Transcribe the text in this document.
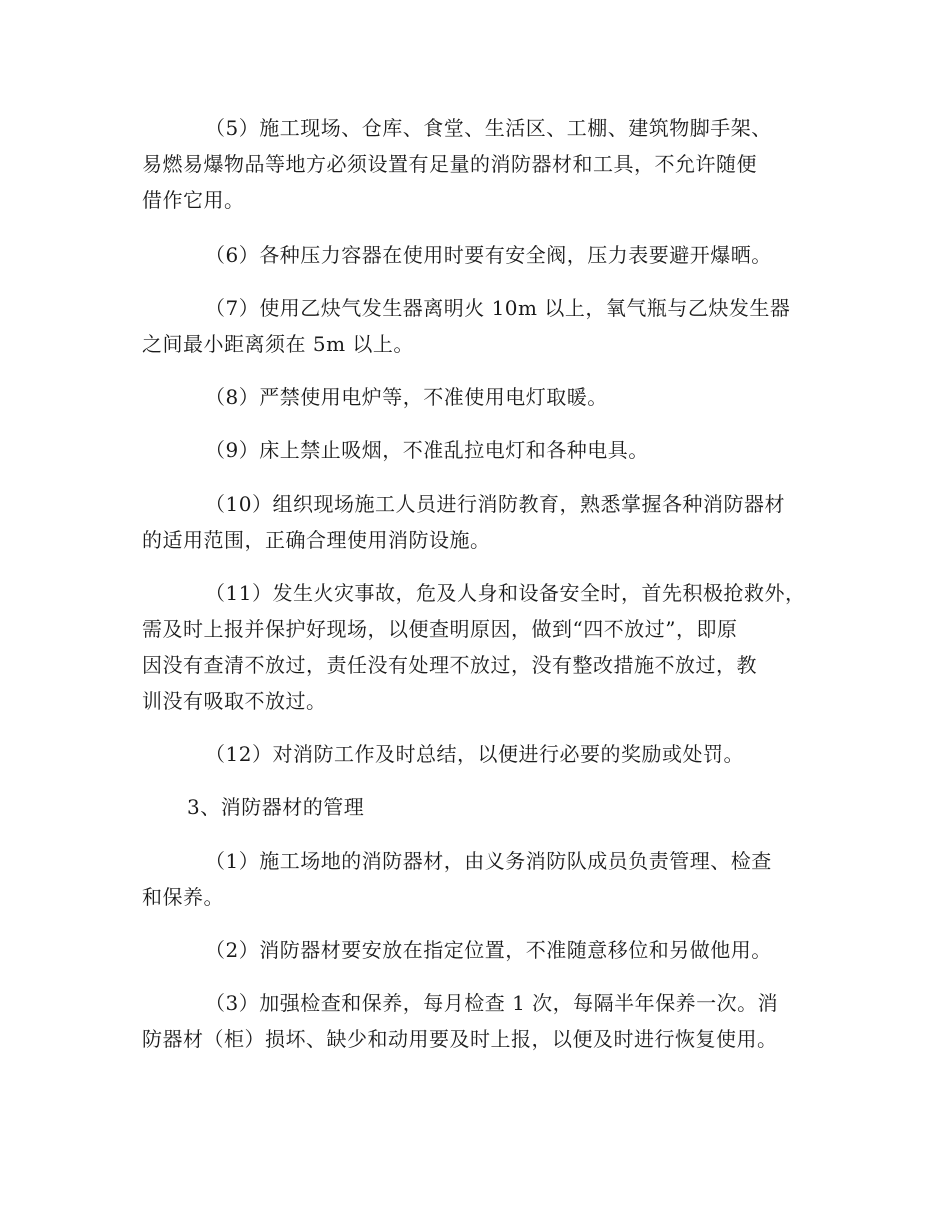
（5）施工现场、仓库、食堂、生活区、工棚、建筑物脚手架、
易燃易爆物品等地方必须设置有足量的消防器材和工具，不允许随便
借作它用。
（6）各种压力容器在使用时要有安全阀，压力表要避开爆晒。
（7）使用乙炔气发生器离明火 10m 以上，氧气瓶与乙炔发生器
之间最小距离须在 5m 以上。
（8）严禁使用电炉等，不准使用电灯取暖。
（9）床上禁止吸烟，不准乱拉电灯和各种电具。
（10）组织现场施工人员进行消防教育，熟悉掌握各种消防器材
的适用范围，正确合理使用消防设施。
（11）发生火灾事故，危及人身和设备安全时，首先积极抢救外，
需及时上报并保护好现场，以便查明原因，做到“四不放过”，即原
因没有查清不放过，责任没有处理不放过，没有整改措施不放过，教
训没有吸取不放过。
（12）对消防工作及时总结，以便进行必要的奖励或处罚。
3、消防器材的管理
（1）施工场地的消防器材，由义务消防队成员负责管理、检查
和保养。
（2）消防器材要安放在指定位置，不准随意移位和另做他用。
（3）加强检查和保养，每月检查 1 次，每隔半年保养一次。消
防器材（柜）损坏、缺少和动用要及时上报，以便及时进行恢复使用。
